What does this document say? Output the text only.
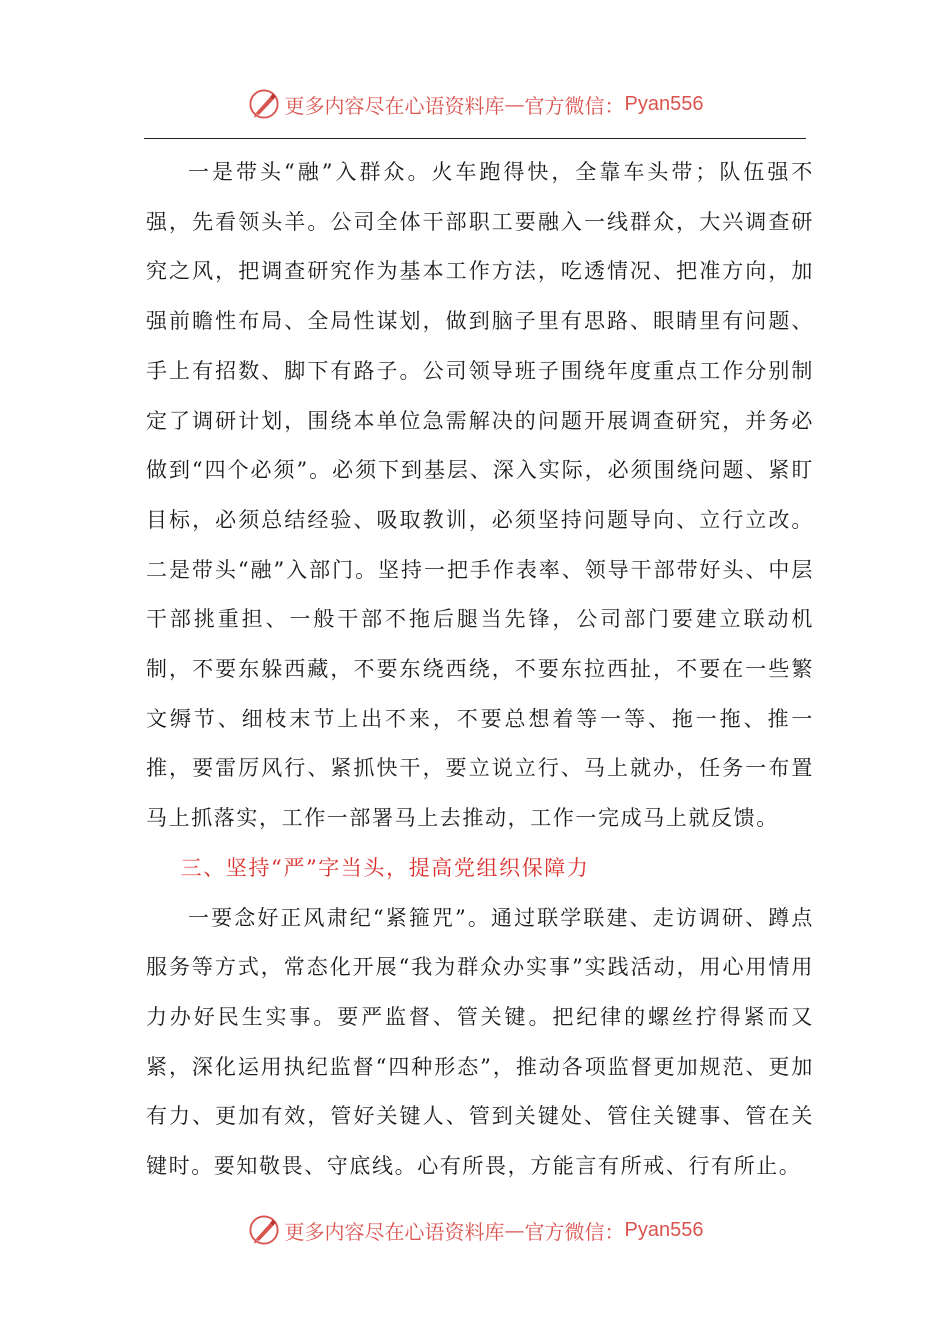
更多内容尽在心语资料库 — 官方微信： Pyan556

一是带头“融”入群众。火车跑得快，全靠车头带；队伍强不强，先看领头羊。公司全体干部职工要融入一线群众，大兴调查研究之风，把调查研究作为基本工作方法，吃透情况、把准方向，加强前瞻性布局、全局性谋划，做到脑子里有思路、眼睛里有问题、手上有招数、脚下有路子。公司领导班子围绕年度重点工作分别制定了调研计划，围绕本单位急需解决的问题开展调查研究，并务必做到“四个必须”。必须下到基层、深入实际，必须围绕问题、紧盯目标，必须总结经验、吸取教训，必须坚持问题导向、立行立改。二是带头“融”入部门。坚持一把手作表率、领导干部带好头、中层干部挑重担、一般干部不拖后腿当先锋，公司部门要建立联动机制，不要东躲西藏，不要东绕西绕，不要东拉西扯，不要在一些繁文缛节、细枝末节上出不来，不要总想着等一等、拖一拖、推一推，要雷厉风行、紧抓快干，要立说立行、马上就办，任务一布置马上抓落实，工作一部署马上去推动，工作一完成马上就反馈。

三、坚持“严”字当头，提高党组织保障力

一要念好正风肃纪“紧箍咒”。通过联学联建、走访调研、蹲点服务等方式，常态化开展“我为群众办实事”实践活动，用心用情用力办好民生实事。要严监督、管关键。把纪律的螺丝拧得紧而又紧，深化运用执纪监督“四种形态”，推动各项监督更加规范、更加有力、更加有效，管好关键人、管到关键处、管住关键事、管在关键时。要知敬畏、守底线。心有所畏，方能言有所戒、行有所止。

更多内容尽在心语资料库 — 官方微信： Pyan556
